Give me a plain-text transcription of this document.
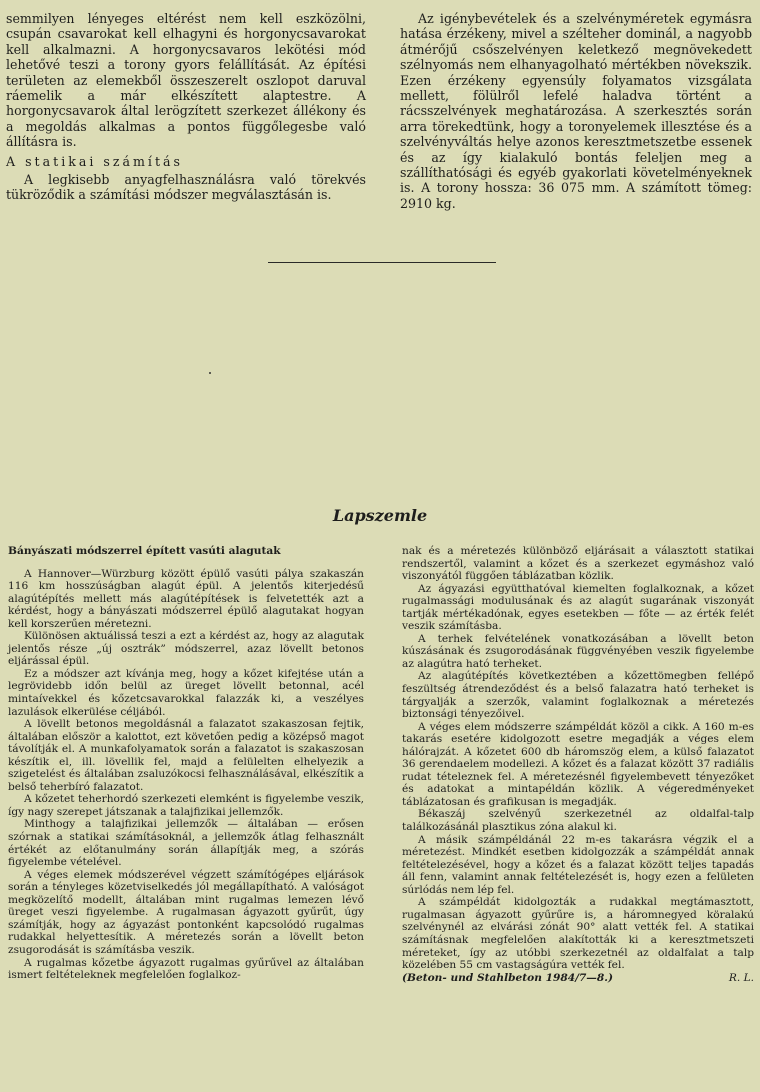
semmilyen lényeges eltérést nem kell eszközölni, csupán csavarokat kell elhagyni és horgonycsavarokat kell alkalmazni. A horgonycsavaros lekötési mód lehetővé teszi a torony gyors felállítását. Az építési területen az elemekből összeszerelt oszlopot daruval ráemelik a már elkészített alaptestre. A horgonycsavarok által lerögzített szerkezet állékony és a megoldás alkalmas a pontos függőlegesbe való állításra is.

A statikai számítás

A legkisebb anyagfelhasználásra való törekvés tükröződik a számítási módszer megválasztásán is.

Az igénybevételek és a szelvényméretek egymásra hatása érzékeny, mivel a szélteher dominál, a nagyobb átmérőjű csőszelvényen keletkező megnövekedett szélnyomás nem elhanyagolható mértékben növekszik. Ezen érzékeny egyensúly folyamatos vizsgálata mellett, fölülről lefelé haladva történt a rácsszelvények meghatározása. A szerkesztés során arra törekedtünk, hogy a toronyelemek illesztése és a szelvényváltás helye azonos keresztmetszetbe essenek és az így kialakuló bontás feleljen meg a szállíthatósági és egyéb gyakorlati követelményeknek is. A torony hossza: 36 075 mm. A számított tömeg: 2910 kg.

Lapszemle

Bányászati módszerrel épített vasúti alagutak

A Hannover—Würzburg között épülő vasúti pálya szakaszán 116 km hosszúságban alagút épül. A jelentős kiterjedésű alagútépítés mellett más alagútépítések is felvetették azt a kérdést, hogy a bányászati módszerrel épülő alagutakat hogyan kell korszerűen méretezni.

Különösen aktuálissá teszi a ezt a kérdést az, hogy az alagutak jelentős része „új osztrák” módszerrel, azaz lövellt betonos eljárással épül.

Ez a módszer azt kívánja meg, hogy a kőzet kifejtése után a legrövidebb időn belül az üreget lövellt betonnal, acél mintaívekkel és kőzetcsavarokkal falazzák ki, a veszélyes lazulások elkerülése céljából.

A lövellt betonos megoldásnál a falazatot szakaszosan fejtik, általában először a kalottot, ezt követően pedig a középső magot távolítják el. A munkafolyamatok során a falazatot is szakaszosan készítik el, ill. lövellik fel, majd a felülelten elhelyezik a szigetelést és általában zsaluzókocsi felhasználásával, elkészítik a belső teherbíró falazatot.

A kőzetet teherhordó szerkezeti elemként is figyelembe veszik, így nagy szerepet játszanak a talajfizikai jellemzők.

Minthogy a talajfizikai jellemzők — általában — erősen szórnak a statikai számításoknál, a jellemzők átlag felhasznált értékét az előtanulmány során állapítják meg, a szórás figyelembe vételével.

A véges elemek módszerével végzett számítógépes eljárások során a tényleges közetviselkedés jól megállapítható. A valóságot megközelítő modellt, általában mint rugalmas lemezen lévő üreget veszi figyelembe. A rugalmasan ágyazott gyűrűt, úgy számítják, hogy az ágyazást pontonként kapcsolódó rugalmas rudakkal helyettesítik. A méretezés során a lövellt beton zsugorodását is számításba veszik.

A rugalmas kőzetbe ágyazott rugalmas gyűrűvel az általában ismert feltételeknek megfelelően foglalkoz-

nak és a méretezés különböző eljárásait a választott statikai rendszertől, valamint a kőzet és a szerkezet egymáshoz való viszonyától függően táblázatban közlik.

Az ágyazási együtthatóval kiemelten foglalkoznak, a kőzet rugalmassági modulusának és az alagút sugarának viszonyát tartják mértékadónak, egyes esetekben — főte — az érték felét veszik számításba.

A terhek felvételének vonatkozásában a lövellt beton kúszásának és zsugorodásának függvényében veszik figyelembe az alagútra ható terheket.

Az alagútépítés következtében a kőzettömegben fellépő feszültség átrendeződést és a belső falazatra ható terheket is tárgyalják a szerzők, valamint foglalkoznak a méretezés biztonsági tényezőivel.

A véges elem módszerre számpéldát közöl a cikk. A 160 m-es takarás esetére kidolgozott esetre megadják a véges elem hálórajzát. A kőzetet 600 db háromszög elem, a külső falazatot 36 gerendaelem modellezi. A kőzet és a falazat között 37 radiális rudat tételeznek fel. A méretezésnél figyelembevett tényezőket és adatokat a mintapéldán közlik. A végeredményeket táblázatosan és grafikusan is megadják.

Békaszáj szelvényű szerkezetnél az oldalfal-talp találkozásánál plasztikus zóna alakul ki.

A másik számpéldánál 22 m-es takarásra végzik el a méretezést. Mindkét esetben kidolgozzák a számpéldát annak feltételezésével, hogy a kőzet és a falazat között teljes tapadás áll fenn, valamint annak feltételezését is, hogy ezen a felületen súrlódás nem lép fel.

A számpéldát kidolgozták a rudakkal megtámasztott, rugalmasan ágyazott gyűrűre is, a háromnegyed köralakú szelvénynél az elvárási zónát 90° alatt vették fel. A statikai számításnak megfelelően alakították ki a keresztmetszeti méreteket, így az utóbbi szerkezetnél az oldalfalat a talp közelében 55 cm vastagságúra vették fel.

(Beton- und Stahlbeton 1984/7—8.)	R. L.
